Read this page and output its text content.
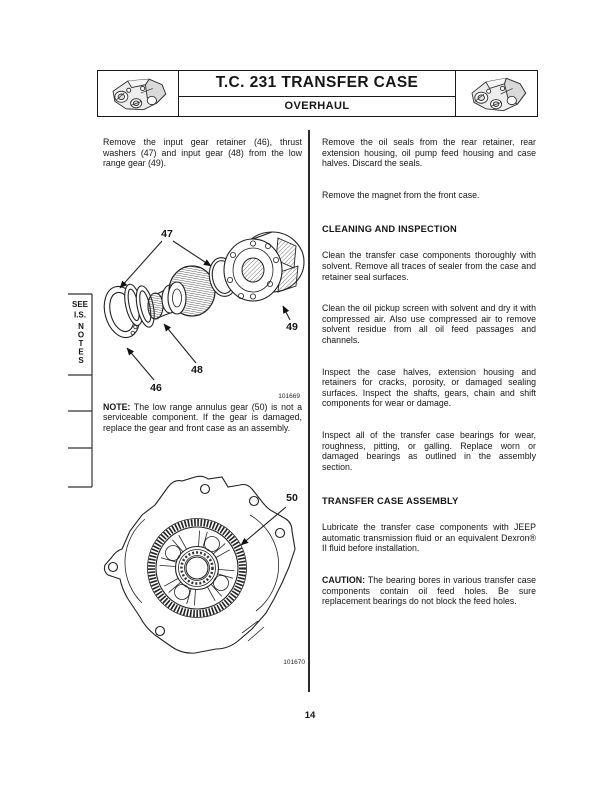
T.C. 231 TRANSFER CASE
OVERHAUL
SEE
I.S.
N
O
T
E
S

Remove the input gear retainer (46), thrust washers (47) and input gear (48) from the low range gear (49).

47
49
48
46
101669

NOTE: The low range annulus gear (50) is not a serviceable component. If the gear is damaged, replace the gear and front case as an assembly.

50
101670

Remove the oil seals from the rear retainer, rear extension housing, oil pump feed housing and case halves. Discard the seals.

Remove the magnet from the front case.

CLEANING AND INSPECTION

Clean the transfer case components thoroughly with solvent. Remove all traces of sealer from the case and retainer seal surfaces.

Clean the oil pickup screen with solvent and dry it with compressed air. Also use compressed air to remove solvent residue from all oil feed passages and channels.

Inspect the case halves, extension housing and retainers for cracks, porosity, or damaged sealing surfaces. Inspect the shafts, gears, chain and shift components for wear or damage.

Inspect all of the transfer case bearings for wear, roughness, pitting, or galling. Replace worn or damaged bearings as outlined in the assembly section.

TRANSFER CASE ASSEMBLY

Lubricate the transfer case components with JEEP automatic transmission fluid or an equivalent Dexron® II fluid before installation.

CAUTION: The bearing bores in various transfer case components contain oil feed holes. Be sure replacement bearings do not block the feed holes.

14
